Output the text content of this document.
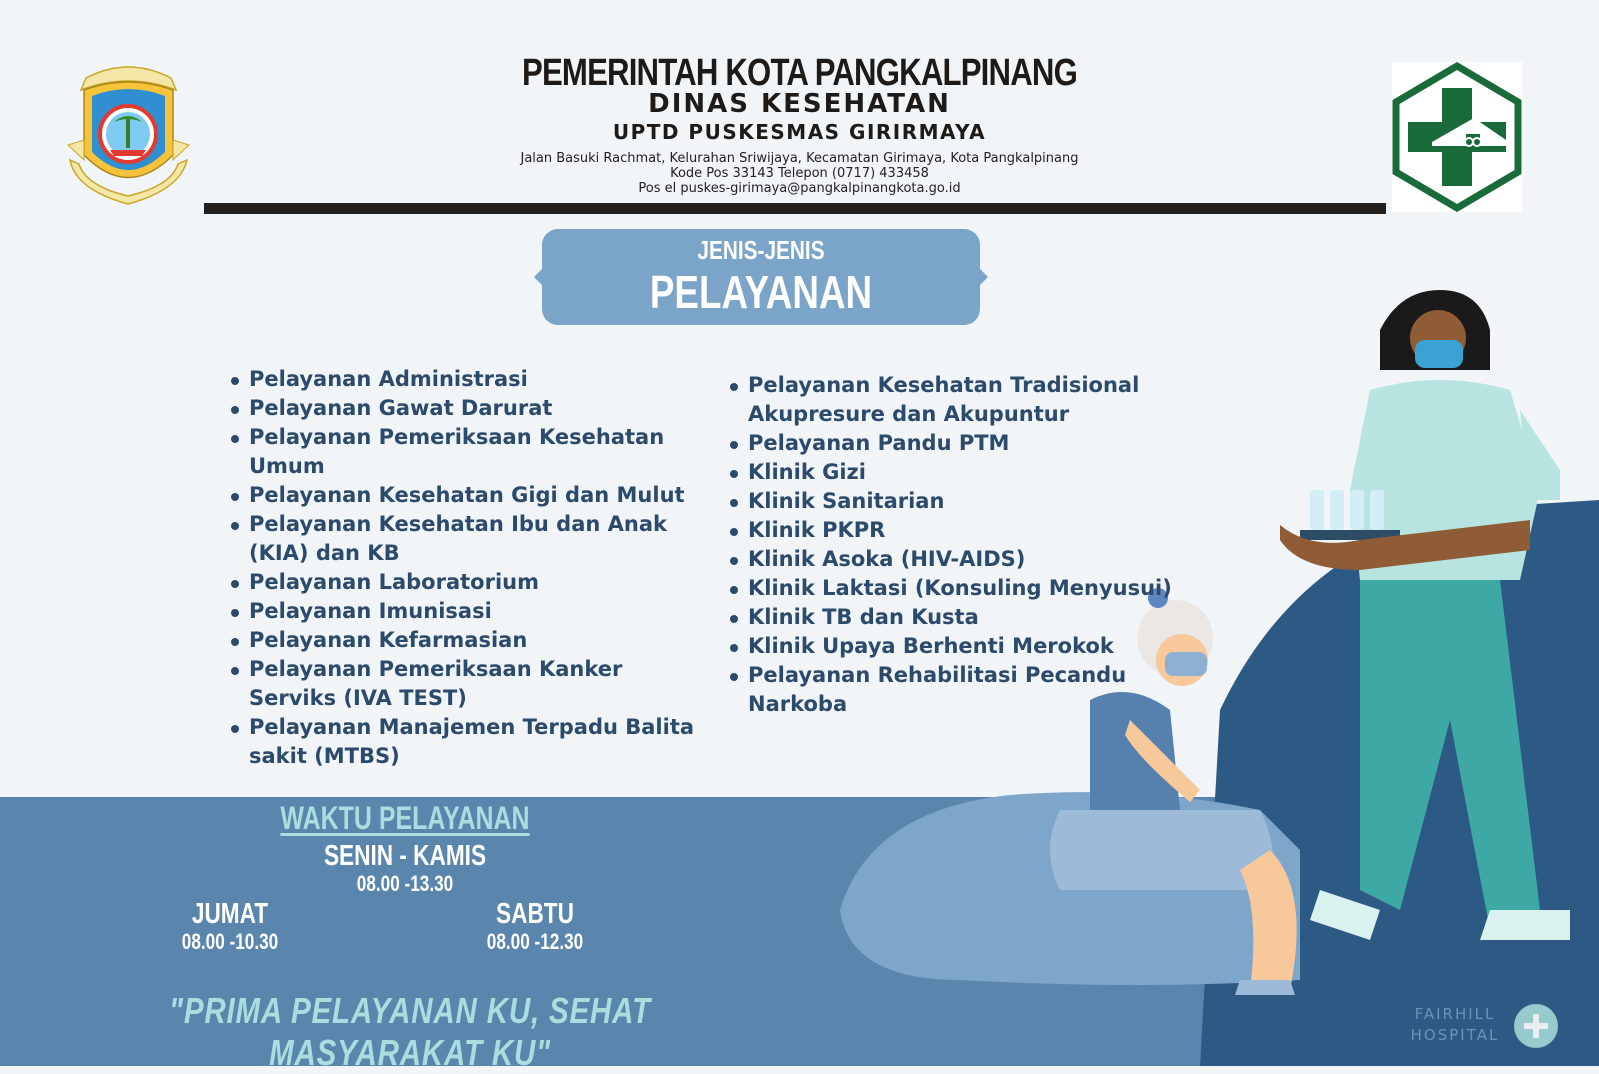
PEMERINTAH KOTA PANGKALPINANG
DINAS KESEHATAN
UPTD PUSKESMAS GIRIRMAYA
Jalan Basuki Rachmat, Kelurahan Sriwijaya, Kecamatan Girimaya, Kota Pangkalpinang
Kode Pos 33143 Telepon (0717) 433458
Pos el puskes-girimaya@pangkalpinangkota.go.id
JENIS-JENIS
PELAYANAN
Pelayanan Administrasi
Pelayanan Gawat Darurat
Pelayanan Pemeriksaan Kesehatan Umum
Pelayanan Kesehatan Gigi dan Mulut
Pelayanan Kesehatan Ibu dan Anak (KIA) dan KB
Pelayanan Laboratorium
Pelayanan Imunisasi
Pelayanan Kefarmasian
Pelayanan Pemeriksaan Kanker Serviks (IVA TEST)
Pelayanan Manajemen Terpadu Balita sakit (MTBS)
Pelayanan Kesehatan Tradisional Akupresure dan Akupuntur
Pelayanan Pandu PTM
Klinik Gizi
Klinik Sanitarian
Klinik PKPR
Klinik Asoka (HIV-AIDS)
Klinik Laktasi (Konsuling Menyusui)
Klinik TB dan Kusta
Klinik Upaya Berhenti Merokok
Pelayanan Rehabilitasi Pecandu Narkoba
WAKTU PELAYANAN
SENIN - KAMIS
08.00 -13.30
JUMAT
08.00 -10.30
SABTU
08.00 -12.30
"PRIMA PELAYANAN KU, SEHAT MASYARAKAT KU"
FAIRHILL
HOSPITAL
